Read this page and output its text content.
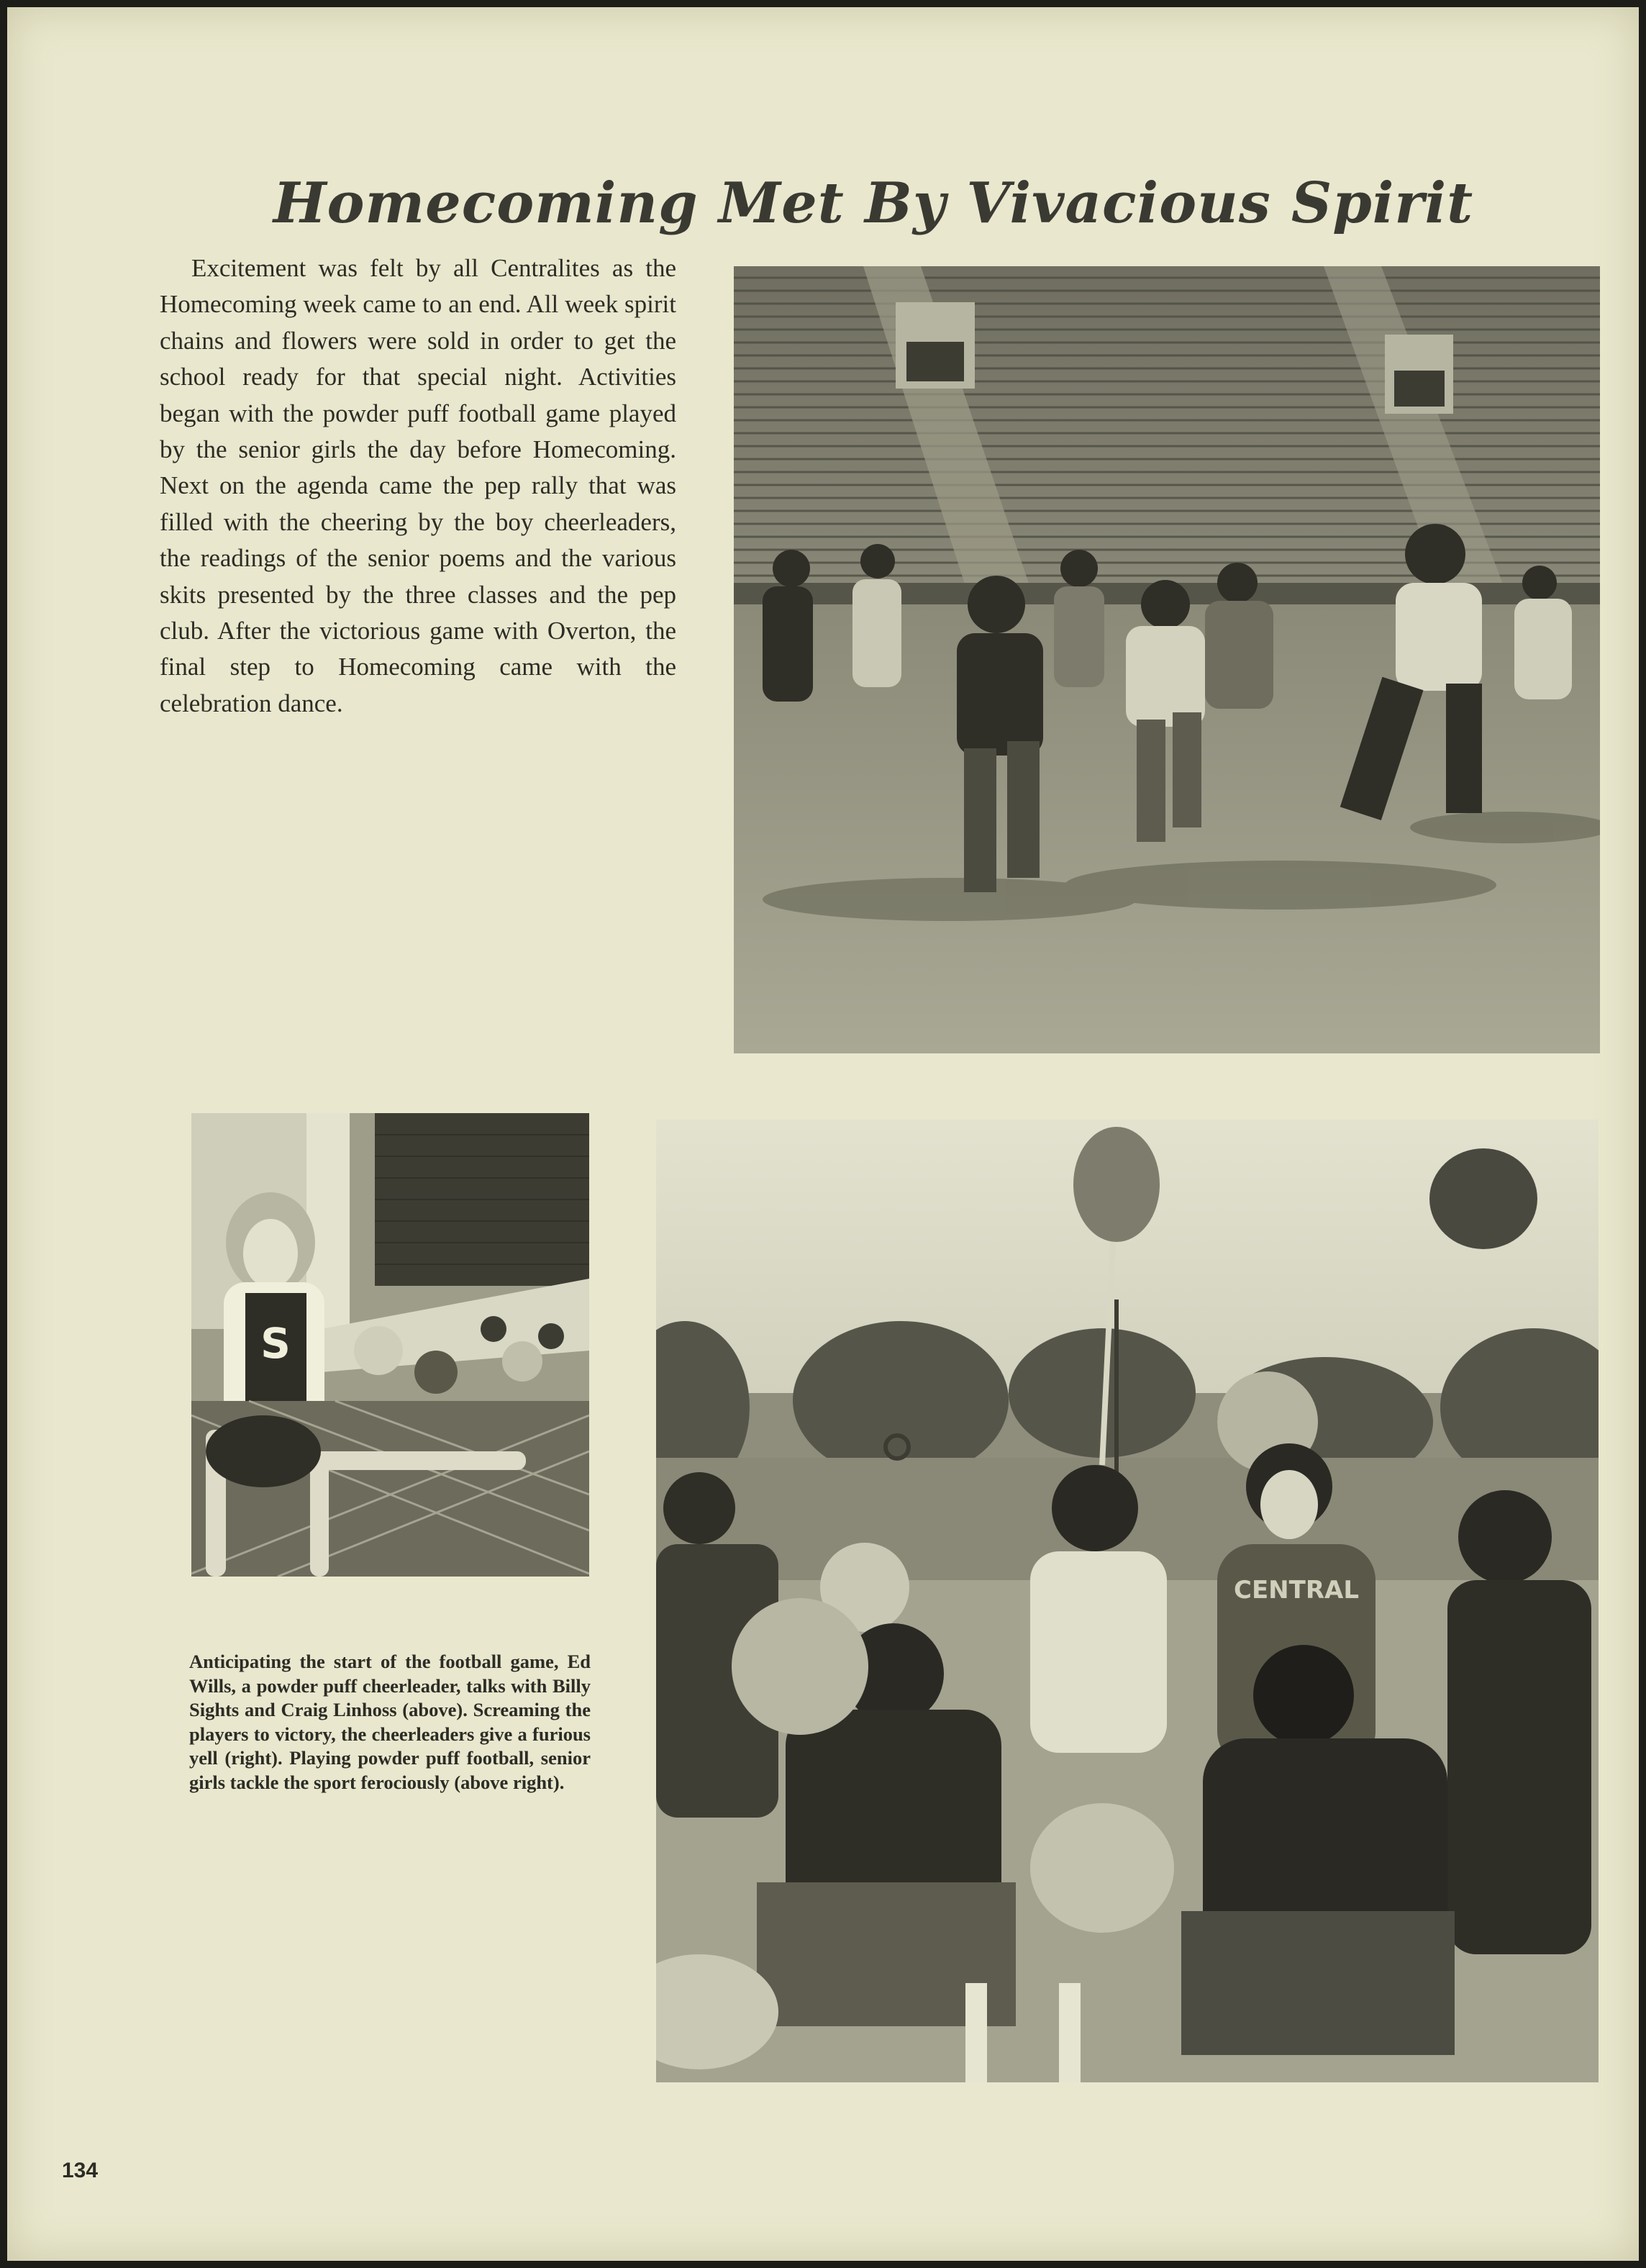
Homecoming Met By Vivacious Spirit

Excitement was felt by all Centralites as the Homecoming week came to an end. All week spirit chains and flowers were sold in order to get the school ready for that special night. Activities began with the powder puff football game played by the senior girls the day before Homecoming. Next on the agenda came the pep rally that was filled with the cheering by the boy cheerleaders, the readings of the senior poems and the various skits presented by the three classes and the pep club. After the victorious game with Overton, the final step to Homecoming came with the celebration dance.

S
CENTRAL

Anticipating the start of the football game, Ed Wills, a powder puff cheerleader, talks with Billy Sights and Craig Linhoss (above). Screaming the players to victory, the cheerleaders give a furious yell (right). Playing powder puff football, senior girls tackle the sport ferociously (above right).

134
